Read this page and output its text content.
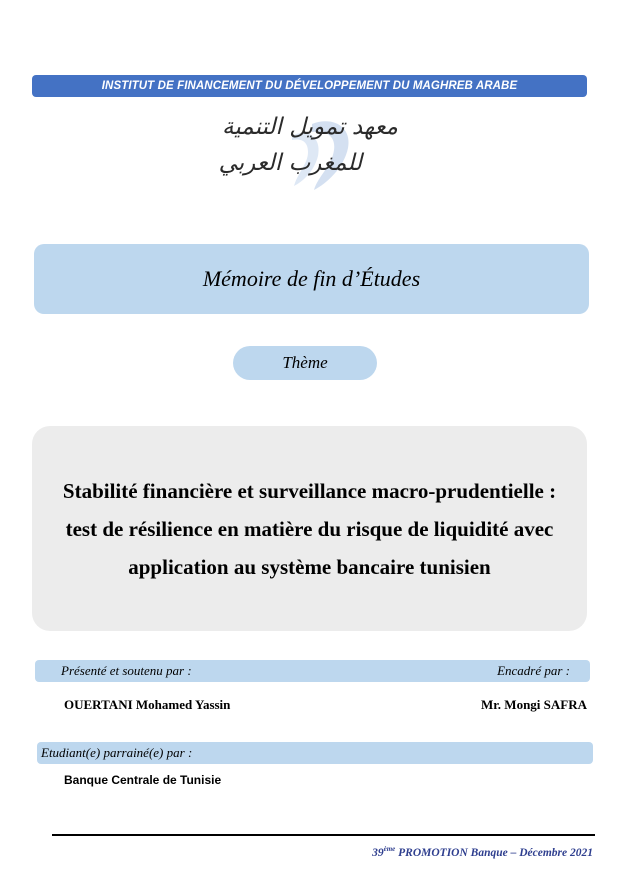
INSTITUT DE FINANCEMENT DU DÉVELOPPEMENT DU MAGHREB ARABE
معهد تمويل التنمية
للمغرب العربي
Mémoire de fin d’Études
Thème
Stabilité financière et surveillance macro-prudentielle :
test de résilience en matière du risque de liquidité avec
application au système bancaire tunisien
Présenté et soutenu par :	Encadré par :
OUERTANI Mohamed Yassin	Mr. Mongi SAFRA
Etudiant(e) parrainé(e) par :
Banque Centrale de Tunisie
39ème PROMOTION Banque – Décembre 2021
